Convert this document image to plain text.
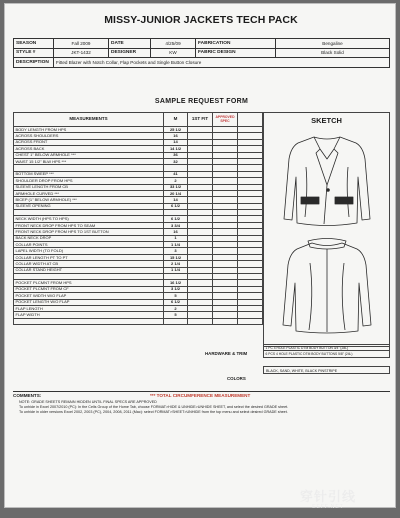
MISSY-JUNIOR JACKETS TECH PACK
SEASON	Fall 2009	DATE	4/25/09	FABRICATION	Bengaline
STYLE #	JKT-1432	DESIGNER	KW	FABRIC DESIGN	Black Solid
DESCRIPTION	Fitted Blazer with Notch Collar, Flap Pockets and Single Button Closure				
SAMPLE REQUEST FORM
MEASUREMENTS	M	1ST FIT	APPROVED SPEC	
BODY LENGTH FROM HPS	25 1/2			
ACROSS SHOULDERS	16			
ACROSS FRONT	14			
ACROSS BACK	14 1/2			
CHEST 1" BELOW ARMHOLE ***	36			
WAIST 15 1/2" BLW HPS ***	32			

BOTTOM SWEEP ***	41			
SHOULDER DROP FROM HPS	2			
SLEEVE LENGTH FROM CB	33 1/2			
ARMHOLE CURVED ***	20 1/4			
BICEP (1" BELOW ARMHOLE) ***	14			
SLEEVE OPENING	6 1/2			

NECK WIDTH (HPS TO HPS)	6 1/2			
FRONT NECK DROP FROM HPS TO SEAM	3 3/4			
FRONT NECK DROP FROM HPS TO 1ST BUTTON	16			
BACK NECK DROP	1			
COLLAR POINTS	1 1/4			
LAPEL WIDTH (TO FOLD)	3			
COLLAR LENGTH PT TO PT	15 1/2			
COLLAR WIDTH AT CB	2 1/4			
COLLAR STAND HEIGHT	1 1/4			

POCKET PLCMNT FROM HPS	16 1/2			
POCKET PLCMNT FROM CF	3 1/2			
POCKET WIDTH W/O FLAP	5			
POCKET LENGTH W/O FLAP	6 1/2			
FLAP LENGTH	2			
FLAP WIDTH	5			

SKETCH
HARDWARE & TRIM
1 PC 4 HOLE PLASTIC DTM BODY BUTTON 3/4" (28L)
6 PCS 4 HOLE PLASTIC DTM BODY BUTTONS 5/8" (24L)
BLACK, SAND, WHITE, BLACK PINSTRIPE
COLORS
COMMENTS:	*** TOTAL CIRCUMFERENCE MEASUREMENT
NOTE: GRADE SHEETS REMAIN HIDDEN UNTIL FINAL SPECS ARE APPROVED
To unhide in Excel 2007/2010 (PC): In the Cells Group of the Home Tab, choose FORMAT>HIDE & UNHIDE>UNHIDE SHEET, and select the desired GRADE sheet.
To unhide in older versions Excel 2002, 2003 (PC), 2004, 2008, 2011 (Mac): select FORMAT>SHEET>UNHIDE from the top menu and select desired GRADE sheet.
穿针引线
EEFF.NET
